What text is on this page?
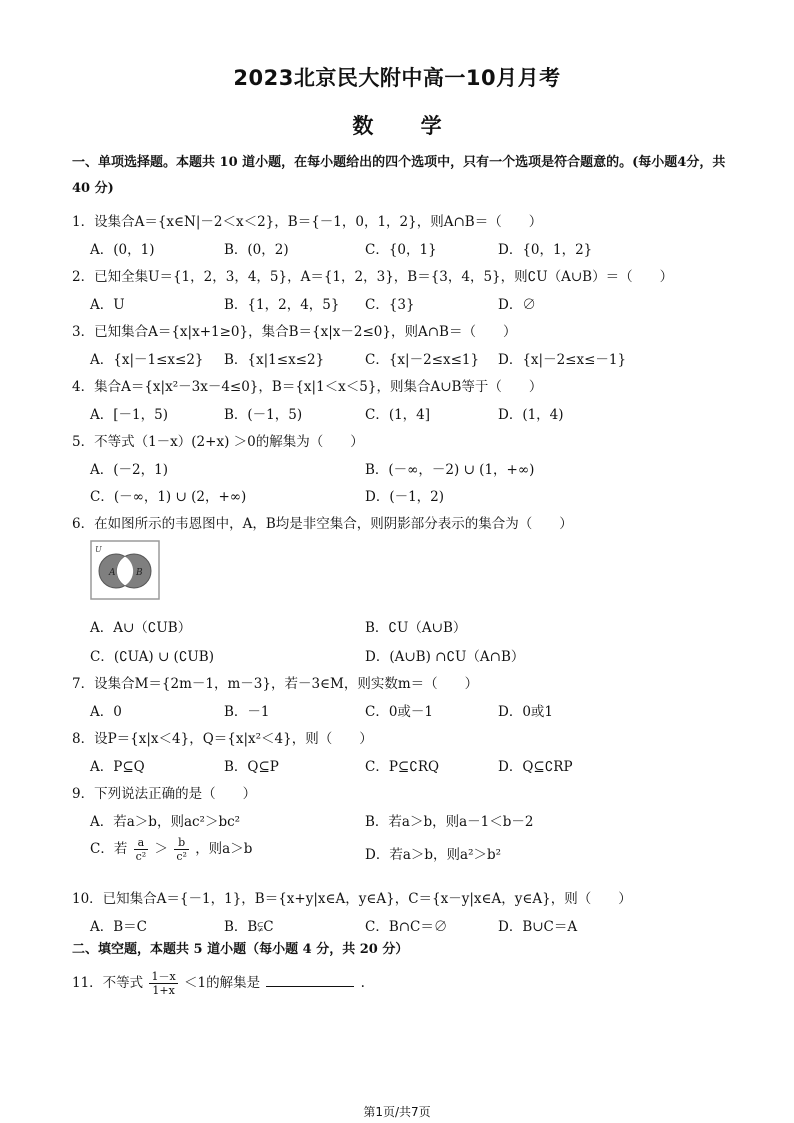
2023北京民大附中高一10月月考
数 学
一、单项选择题。本题共 10 道小题，在每小题给出的四个选项中，只有一个选项是符合题意的。(每小题4分，共 40 分)
1．设集合A＝{x∈N|－2＜x＜2}，B＝{－1，0，1，2}，则A∩B＝（　　）
A．(0，1)	B．(0，2)	C．{0，1}	D．{0，1，2}
2．已知全集U＝{1，2，3，4，5}，A＝{1，2，3}，B＝{3，4，5}，则∁U（A∪B）＝（　　）
A．U	B．{1，2，4，5} C．{3}	D．∅
3．已知集合A＝{x|x+1≥0}，集合B＝{x|x－2≤0}，则A∩B＝（　　）
A．{x|－1≤x≤2} B．{x|1≤x≤2}	C．{x|－2≤x≤1} D．{x|－2≤x≤－1}
4．集合A＝{x|x²－3x－4≤0}，B＝{x|1＜x＜5}，则集合A∪B等于（　　）
A．[－1，5)	B．(－1，5)	C．(1，4]	D．(1，4)
5．不等式（1－x）(2+x) ＞0的解集为（　　）
A．(－2，1)	B．(－∞，－2) ∪ (1，+∞)
C．(－∞，1) ∪ (2，+∞)	D．(－1，2)
6．在如图所示的韦恩图中，A，B均是非空集合，则阴影部分表示的集合为（　　）
U
A B
A．A∪（∁UB）	B．∁U（A∪B）
C．(∁UA) ∪ (∁UB)	D．(A∪B) ∩∁U（A∩B）
7．设集合M＝{2m－1，m－3}，若－3∈M，则实数m＝（　　）
A．0	B．－1	C．0或－1	D．0或1
8．设P＝{x|x＜4}，Q＝{x|x²＜4}，则（　　）
A．P⊆Q	B．Q⊆P	C．P⊆∁RQ	D．Q⊆∁RP
9．下列说法正确的是（　　）
A．若a＞b，则ac²＞bc²	B．若a＞b，则a－1＜b－2
C．若 $\frac{a}{\text{c²}} > \frac{b}{\text{c²}}$ ，则a＞b	D．若a＞b，则a²＞b²
10．已知集合A＝{－1，1}，B＝{x+y|x∈A，y∈A}，C＝{x－y|x∈A，y∈A}，则（　　）
A．B＝C	B．B⫋C	C．B∩C＝∅	D．B∪C＝A
二、填空题，本题共 5 道小题（每小题 4 分，共 20 分）
11．不等式 $\frac{1-x}{1+x} <1$的解集是	.
第1页/共7页
